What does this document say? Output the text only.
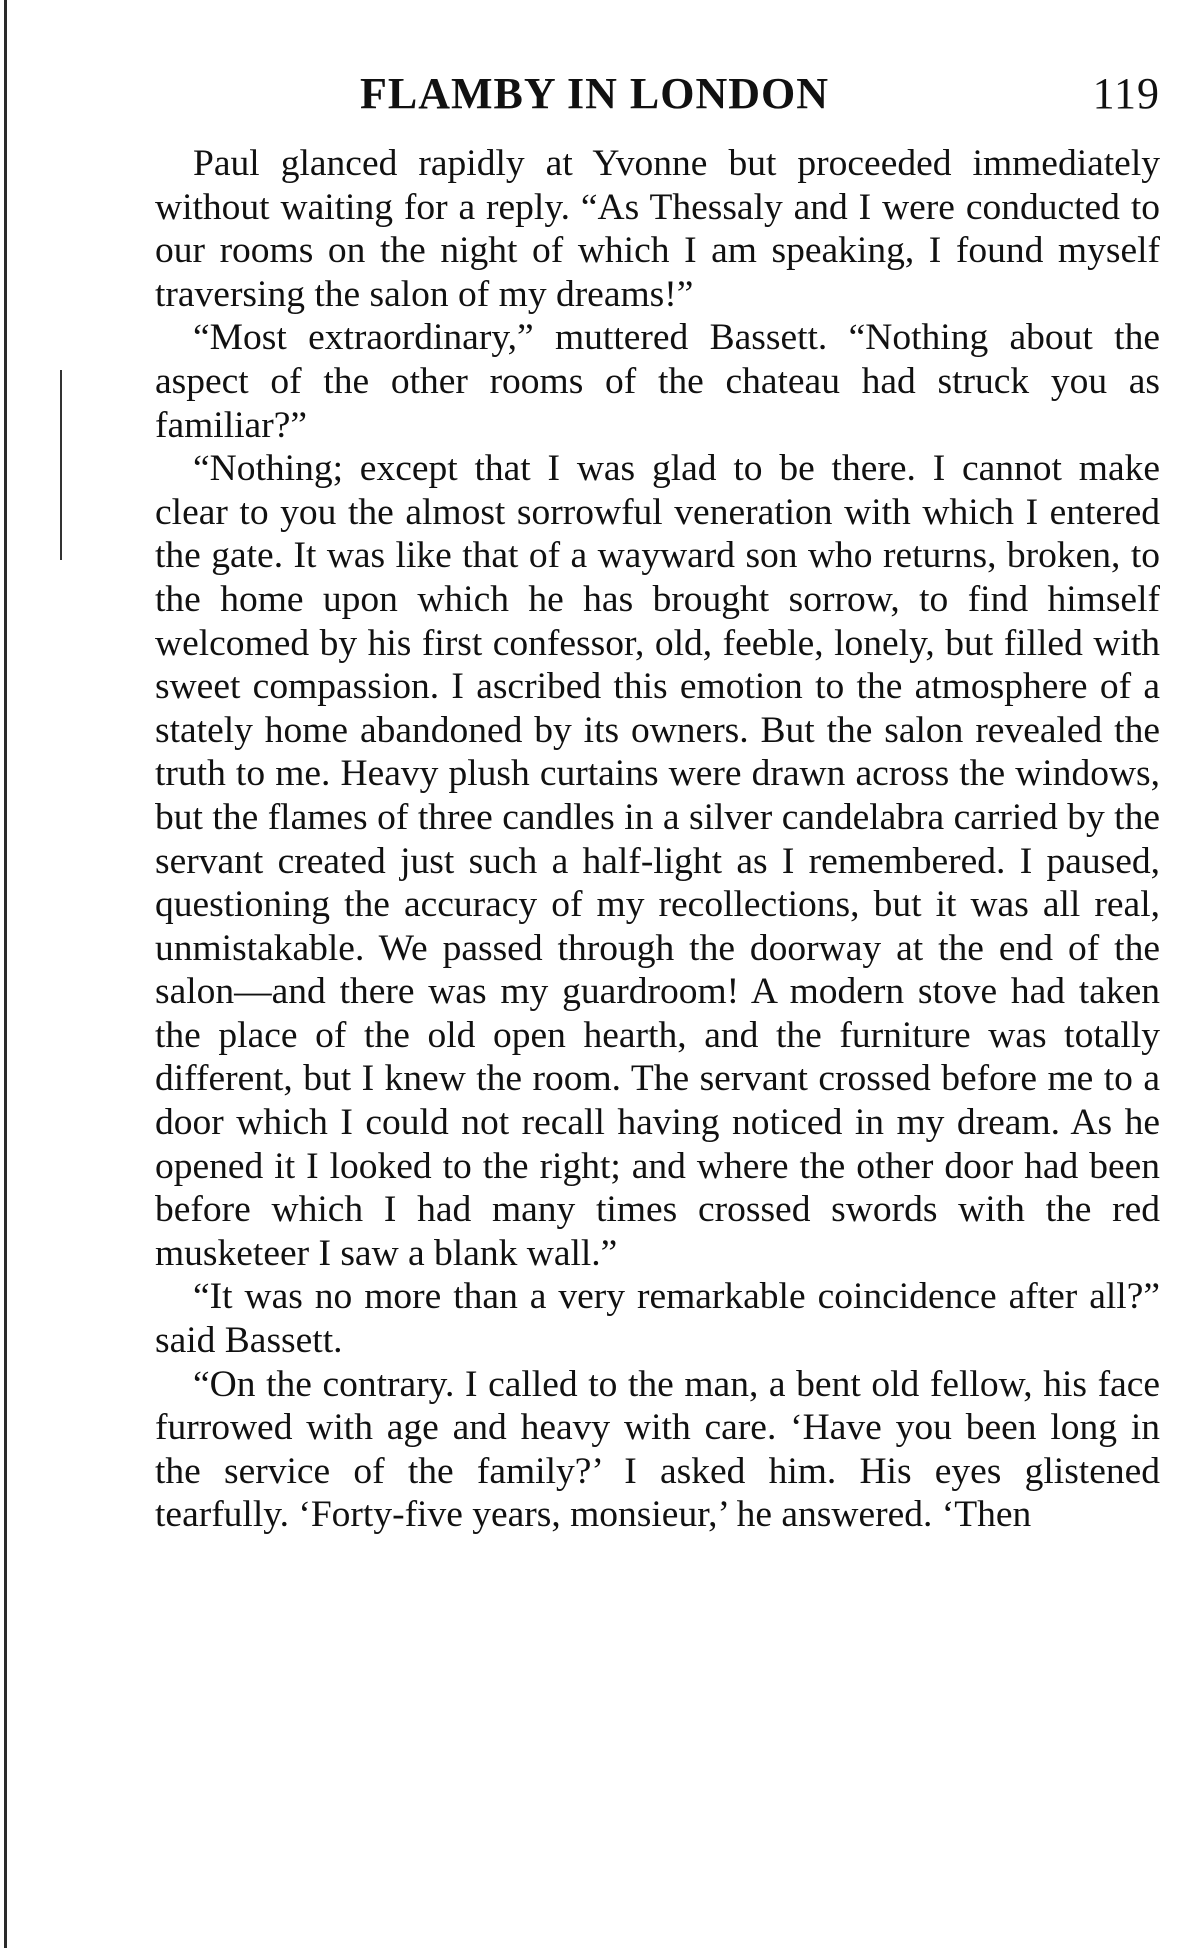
FLAMBY IN LONDON	119

Paul glanced rapidly at Yvonne but proceeded immediately without waiting for a reply. “As Thessaly and I were conducted to our rooms on the night of which I am speaking, I found myself traversing the salon of my dreams!”

“Most extraordinary,” muttered Bassett. “Nothing about the aspect of the other rooms of the chateau had struck you as familiar?”

“Nothing; except that I was glad to be there. I cannot make clear to you the almost sorrowful veneration with which I entered the gate. It was like that of a wayward son who returns, broken, to the home upon which he has brought sorrow, to find himself welcomed by his first confessor, old, feeble, lonely, but filled with sweet compassion. I ascribed this emotion to the atmosphere of a stately home abandoned by its owners. But the salon revealed the truth to me. Heavy plush curtains were drawn across the windows, but the flames of three candles in a silver candelabra carried by the servant created just such a half-light as I remembered. I paused, questioning the accuracy of my recollections, but it was all real, unmistakable. We passed through the doorway at the end of the salon—and there was my guardroom! A modern stove had taken the place of the old open hearth, and the furniture was totally different, but I knew the room. The servant crossed before me to a door which I could not recall having noticed in my dream. As he opened it I looked to the right; and where the other door had been before which I had many times crossed swords with the red musketeer I saw a blank wall.”

“It was no more than a very remarkable coincidence after all?” said Bassett.

“On the contrary. I called to the man, a bent old fellow, his face furrowed with age and heavy with care. ‘Have you been long in the service of the family?’ I asked him. His eyes glistened tearfully. ‘Forty-five years, monsieur,’ he answered. ‘Then
